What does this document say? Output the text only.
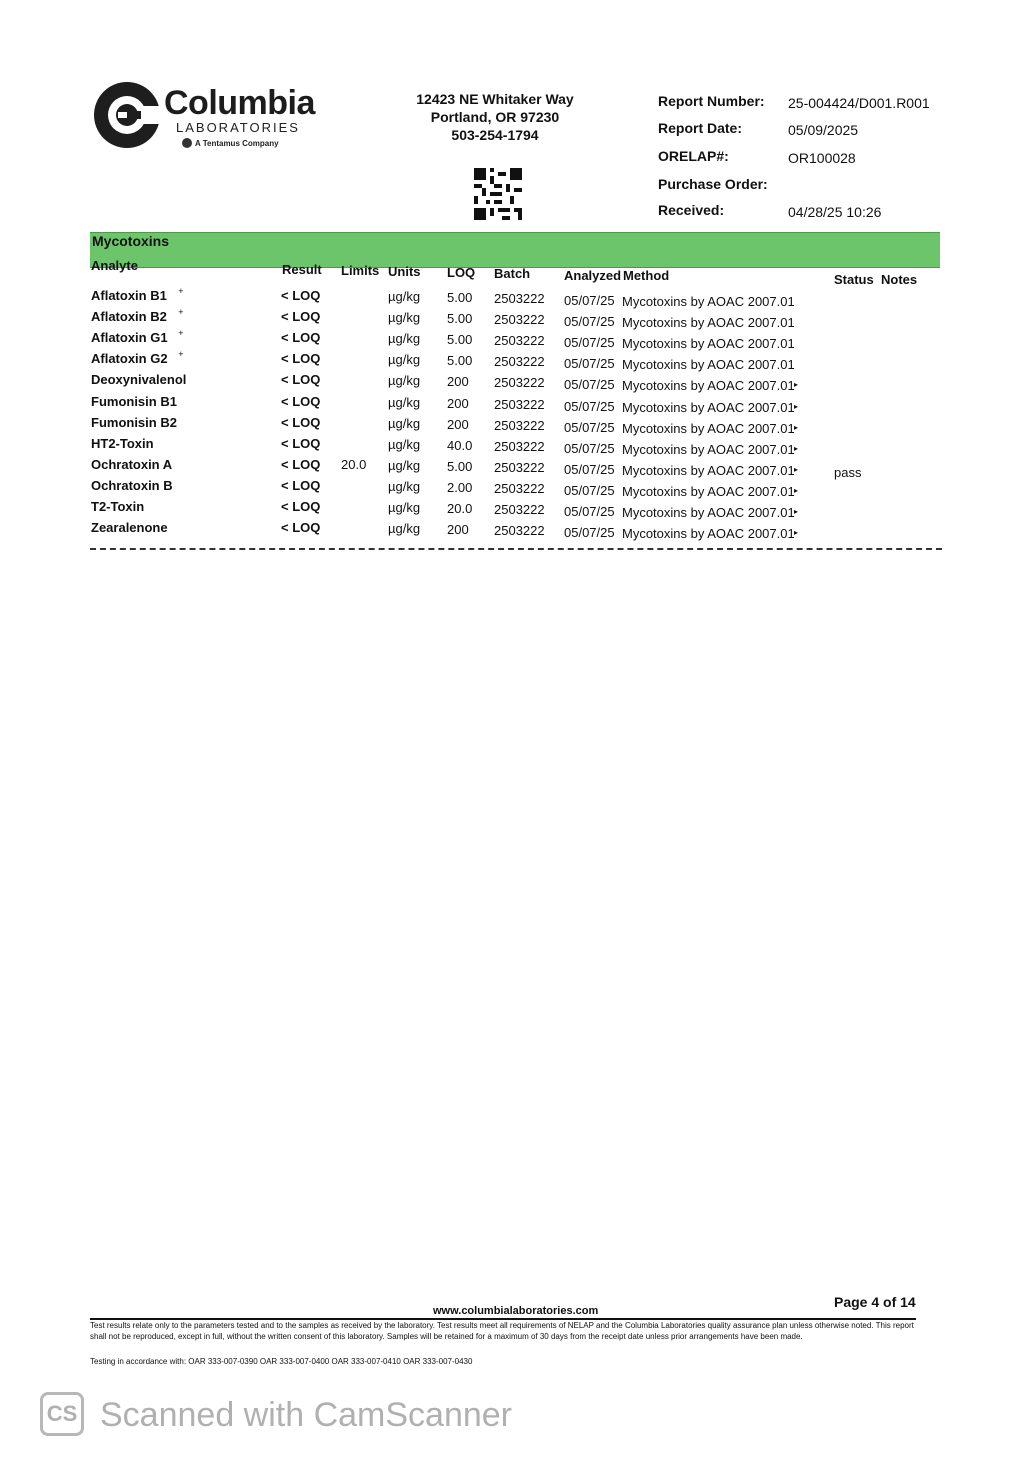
Columbia
LABORATORIES
A Tentamus Company
12423 NE Whitaker Way
Portland, OR 97230
503-254-1794
Report Number: 25-004424/D001.R001
Report Date:	05/09/2025
ORELAP#:	OR100028
Purchase Order:
Received:	04/28/25 10:26
Mycotoxins
Analyte	Result Limits Units LOQ Batch	Analyzed Method	Status Notes
Aflatoxin B1 +	< LOQ	µg/kg 5.00 2503222 05/07/25 Mycotoxins by AOAC 2007.01
Aflatoxin B2 +	< LOQ	µg/kg 5.00 2503222 05/07/25 Mycotoxins by AOAC 2007.01
Aflatoxin G1 +	< LOQ	µg/kg 5.00 2503222 05/07/25 Mycotoxins by AOAC 2007.01
Aflatoxin G2 +	< LOQ	µg/kg 5.00 2503222 05/07/25 Mycotoxins by AOAC 2007.01
Deoxynivalenol	< LOQ	µg/kg 200 2503222 05/07/25 Mycotoxins by AOAC 2007.01 ▸
Fumonisin B1	< LOQ	µg/kg 200 2503222 05/07/25 Mycotoxins by AOAC 2007.01 ▸
Fumonisin B2	< LOQ	µg/kg 200 2503222 05/07/25 Mycotoxins by AOAC 2007.01 ▸
HT2-Toxin	< LOQ	µg/kg 40.0 2503222 05/07/25 Mycotoxins by AOAC 2007.01 ▸
Ochratoxin A	< LOQ 20.0 µg/kg 5.00 2503222 05/07/25 Mycotoxins by AOAC 2007.01 ▸	pass
Ochratoxin B	< LOQ	µg/kg 2.00 2503222 05/07/25 Mycotoxins by AOAC 2007.01 ▸
T2-Toxin	< LOQ	µg/kg 20.0 2503222 05/07/25 Mycotoxins by AOAC 2007.01 ▸
Zearalenone	< LOQ	µg/kg 200 2503222 05/07/25 Mycotoxins by AOAC 2007.01 ▸
Page 4 of 14
www.columbialaboratories.com
Test results relate only to the parameters tested and to the samples as received by the laboratory. Test results meet all requirements of NELAP and the Columbia Laboratories quality assurance plan unless otherwise noted. This report shall not be reproduced, except in full, without the written consent of this laboratory. Samples will be retained for a maximum of 30 days from the receipt date unless prior arrangements have been made.
Testing in accordance with: OAR 333-007-0390 OAR 333-007-0400 OAR 333-007-0410 OAR 333-007-0430
CS Scanned with CamScanner
